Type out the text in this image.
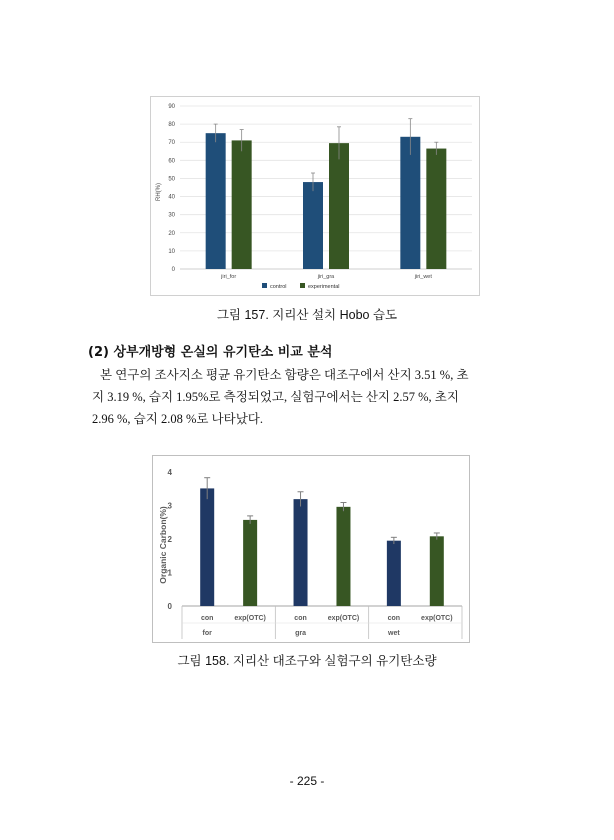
0
10
20
30
40
50
60
70
80
90
jiri_for	jiri_gra	jiri_wet
RH(%)
control	experimental
그림 157. 지리산 설치 Hobo 습도
(2) 상부개방형 온실의 유기탄소 비교 분석
본 연구의 조사지소 평균 유기탄소 함량은 대조구에서 산지 3.51 %, 초
지 3.19 %, 습지 1.95%로 측정되었고, 실험구에서는 산지 2.57 %, 초지
2.96 %, 습지 2.08 %로 나타났다.
0
1
2
3
4
con	exp(OTC)
for
con	exp(OTC)
gra
con	exp(OTC)
wet
Organic Carbon(%)
그림 158. 지리산 대조구와 실험구의 유기탄소량
- 225 -
